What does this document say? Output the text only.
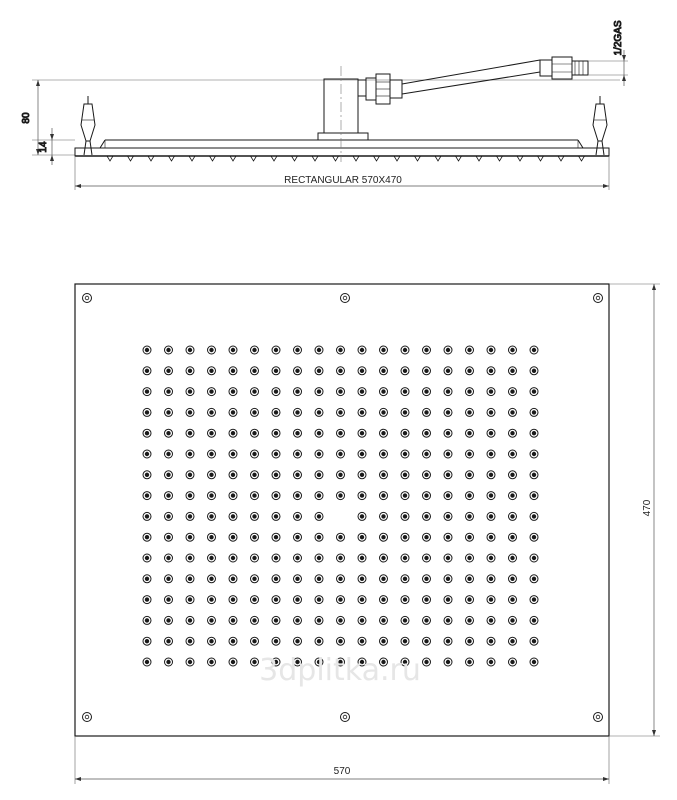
80
14
1/2GAS
RECTANGULAR 570X470
570
470
3dplitka.ru
